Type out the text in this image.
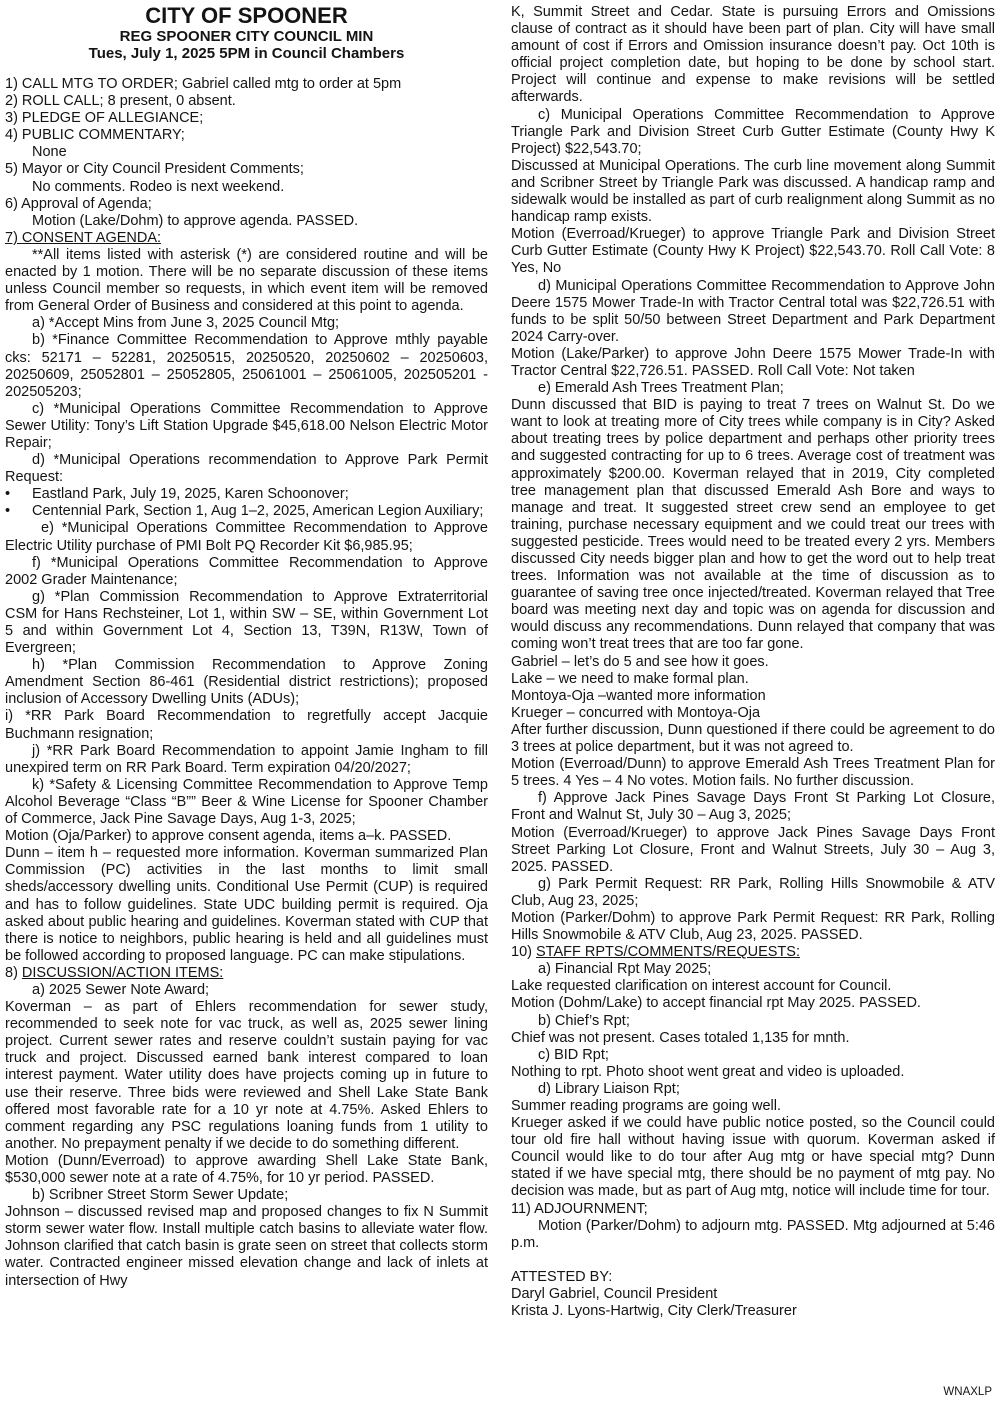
CITY OF SPOONER

REG SPOONER CITY COUNCIL MIN

Tues, July 1, 2025 5PM in Council Chambers

1) CALL MTG TO ORDER; Gabriel called mtg to order at 5pm

2) ROLL CALL; 8 present, 0 absent.

3) PLEDGE OF ALLEGIANCE;

4) PUBLIC COMMENTARY;

None

5) Mayor or City Council President Comments;

No comments. Rodeo is next weekend.

6) Approval of Agenda;

Motion (Lake/Dohm) to approve agenda. PASSED.

7) CONSENT AGENDA:

**All items listed with asterisk (*) are considered routine and will be enacted by 1 motion. There will be no separate discussion of these items unless Council member so requests, in which event item will be removed from General Order of Business and considered at this point to agenda.

a) *Accept Mins from June 3, 2025 Council Mtg;

b) *Finance Committee Recommendation to Approve mthly payable cks: 52171 – 52281, 20250515, 20250520, 20250602 – 20250603, 20250609, 25052801 – 25052805, 25061001 – 25061005, 202505201 - 202505203;

c) *Municipal Operations Committee Recommendation to Approve Sewer Utility: Tony’s Lift Station Upgrade $45,618.00 Nelson Electric Motor Repair;

d) *Municipal Operations recommendation to Approve Park Permit Request:

• Eastland Park, July 19, 2025, Karen Schoonover;

• Centennial Park, Section 1, Aug 1–2, 2025, American Legion Auxiliary;

e) *Municipal Operations Committee Recommendation to Approve Electric Utility purchase of PMI Bolt PQ Recorder Kit $6,985.95;

f) *Municipal Operations Committee Recommendation to Approve 2002 Grader Maintenance;

g) *Plan Commission Recommendation to Approve Extraterritorial CSM for Hans Rechsteiner, Lot 1, within SW – SE, within Government Lot 5 and within Government Lot 4, Section 13, T39N, R13W, Town of Evergreen;

h) *Plan Commission Recommendation to Approve Zoning Amendment Section 86-461 (Residential district restrictions); proposed inclusion of Accessory Dwelling Units (ADUs);

i) *RR Park Board Recommendation to regretfully accept Jacquie Buchmann resignation;

j) *RR Park Board Recommendation to appoint Jamie Ingham to fill unexpired term on RR Park Board. Term expiration 04/20/2027;

k) *Safety & Licensing Committee Recommendation to Approve Temp Alcohol Beverage “Class “B”” Beer & Wine License for Spooner Chamber of Commerce, Jack Pine Savage Days, Aug 1-3, 2025;

Motion (Oja/Parker) to approve consent agenda, items a–k. PASSED.

Dunn – item h – requested more information. Koverman summarized Plan Commission (PC) activities in the last months to limit small sheds/accessory dwelling units. Conditional Use Permit (CUP) is required and has to follow guidelines. State UDC building permit is required. Oja asked about public hearing and guidelines. Koverman stated with CUP that there is notice to neighbors, public hearing is held and all guidelines must be followed according to proposed language. PC can make stipulations.

8) DISCUSSION/ACTION ITEMS:

a) 2025 Sewer Note Award;

Koverman – as part of Ehlers recommendation for sewer study, recommended to seek note for vac truck, as well as, 2025 sewer lining project. Current sewer rates and reserve couldn’t sustain paying for vac truck and project. Discussed earned bank interest compared to loan interest payment. Water utility does have projects coming up in future to use their reserve. Three bids were reviewed and Shell Lake State Bank offered most favorable rate for a 10 yr note at 4.75%. Asked Ehlers to comment regarding any PSC regulations loaning funds from 1 utility to another. No prepayment penalty if we decide to do something different.

Motion (Dunn/Everroad) to approve awarding Shell Lake State Bank, $530,000 sewer note at a rate of 4.75%, for 10 yr period. PASSED.

b) Scribner Street Storm Sewer Update;

Johnson – discussed revised map and proposed changes to fix N Summit storm sewer water flow. Install multiple catch basins to alleviate water flow. Johnson clarified that catch basin is grate seen on street that collects storm water. Contracted engineer missed elevation change and lack of inlets at intersection of Hwy

K, Summit Street and Cedar. State is pursuing Errors and Omissions clause of contract as it should have been part of plan. City will have small amount of cost if Errors and Omission insurance doesn’t pay. Oct 10th is official project completion date, but hoping to be done by school start. Project will continue and expense to make revisions will be settled afterwards.

c) Municipal Operations Committee Recommendation to Approve Triangle Park and Division Street Curb Gutter Estimate (County Hwy K Project) $22,543.70;

Discussed at Municipal Operations. The curb line movement along Summit and Scribner Street by Triangle Park was discussed. A handicap ramp and sidewalk would be installed as part of curb realignment along Summit as no handicap ramp exists.

Motion (Everroad/Krueger) to approve Triangle Park and Division Street Curb Gutter Estimate (County Hwy K Project) $22,543.70. Roll Call Vote: 8 Yes, No

d) Municipal Operations Committee Recommendation to Approve John Deere 1575 Mower Trade-In with Tractor Central total was $22,726.51 with funds to be split 50/50 between Street Department and Park Department 2024 Carry-over.

Motion (Lake/Parker) to approve John Deere 1575 Mower Trade-In with Tractor Central $22,726.51. PASSED. Roll Call Vote: Not taken

e) Emerald Ash Trees Treatment Plan;

Dunn discussed that BID is paying to treat 7 trees on Walnut St. Do we want to look at treating more of City trees while company is in City? Asked about treating trees by police department and perhaps other priority trees and suggested contracting for up to 6 trees. Average cost of treatment was approximately $200.00. Koverman relayed that in 2019, City completed tree management plan that discussed Emerald Ash Bore and ways to manage and treat. It suggested street crew send an employee to get training, purchase necessary equipment and we could treat our trees with suggested pesticide. Trees would need to be treated every 2 yrs. Members discussed City needs bigger plan and how to get the word out to help treat trees. Information was not available at the time of discussion as to guarantee of saving tree once injected/treated. Koverman relayed that Tree board was meeting next day and topic was on agenda for discussion and would discuss any recommendations. Dunn relayed that company that was coming won’t treat trees that are too far gone.

Gabriel – let’s do 5 and see how it goes.

Lake – we need to make formal plan.

Montoya-Oja –wanted more information

Krueger – concurred with Montoya-Oja

After further discussion, Dunn questioned if there could be agreement to do 3 trees at police department, but it was not agreed to.

Motion (Everroad/Dunn) to approve Emerald Ash Trees Treatment Plan for 5 trees. 4 Yes – 4 No votes. Motion fails. No further discussion.

f) Approve Jack Pines Savage Days Front St Parking Lot Closure, Front and Walnut St, July 30 – Aug 3, 2025;

Motion (Everroad/Krueger) to approve Jack Pines Savage Days Front Street Parking Lot Closure, Front and Walnut Streets, July 30 – Aug 3, 2025. PASSED.

g) Park Permit Request: RR Park, Rolling Hills Snowmobile & ATV Club, Aug 23, 2025;

Motion (Parker/Dohm) to approve Park Permit Request: RR Park, Rolling Hills Snowmobile & ATV Club, Aug 23, 2025. PASSED.

10) STAFF RPTS/COMMENTS/REQUESTS:

a) Financial Rpt May 2025;

Lake requested clarification on interest account for Council.

Motion (Dohm/Lake) to accept financial rpt May 2025. PASSED.

b) Chief’s Rpt;

Chief was not present. Cases totaled 1,135 for mnth.

c) BID Rpt;

Nothing to rpt. Photo shoot went great and video is uploaded.

d) Library Liaison Rpt;

Summer reading programs are going well.

Krueger asked if we could have public notice posted, so the Council could tour old fire hall without having issue with quorum. Koverman asked if Council would like to do tour after Aug mtg or have special mtg? Dunn stated if we have special mtg, there should be no payment of mtg pay. No decision was made, but as part of Aug mtg, notice will include time for tour.

11) ADJOURNMENT;

Motion (Parker/Dohm) to adjourn mtg. PASSED. Mtg adjourned at 5:46 p.m.

ATTESTED BY:

Daryl Gabriel, Council President

Krista J. Lyons-Hartwig, City Clerk/Treasurer

WNAXLP
